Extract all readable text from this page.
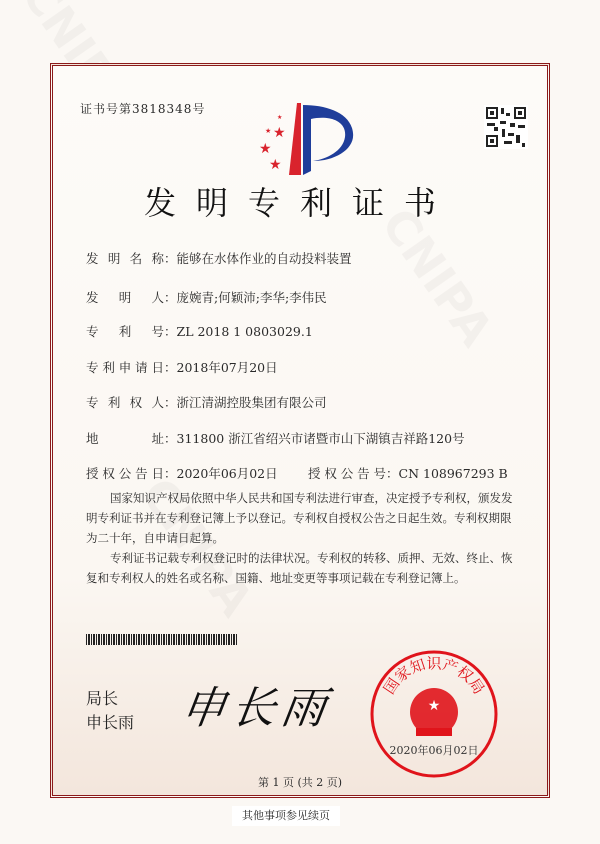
证书号第3818348号
★
★
★
★
★
发明专利证书
发明名称：能够在水体作业的自动投料装置
发明人：庞婉青;何颖沛;李华;李伟民
专利号：ZL 2018 1 0803029.1
专利申请日：2018年07月20日
专利权人：浙江清湖控股集团有限公司
地址：311800 浙江省绍兴市诸暨市山下湖镇吉祥路120号
授权公告日：2020年06月02日 授权公告号：CN 108967293 B

国家知识产权局依照中华人民共和国专利法进行审查，决定授予专利权，颁发发明专利证书并在专利登记簿上予以登记。专利权自授权公告之日起生效。专利权期限为二十年，自申请日起算。

专利证书记载专利权登记时的法律状况。专利权的转移、质押、无效、终止、恢复和专利权人的姓名或名称、国籍、地址变更等事项记载在专利登记簿上。

局长
申长雨 申长雨	国家知识产权局
★
2020年06月02日
第 1 页 (共 2 页)
其他事项参见续页
